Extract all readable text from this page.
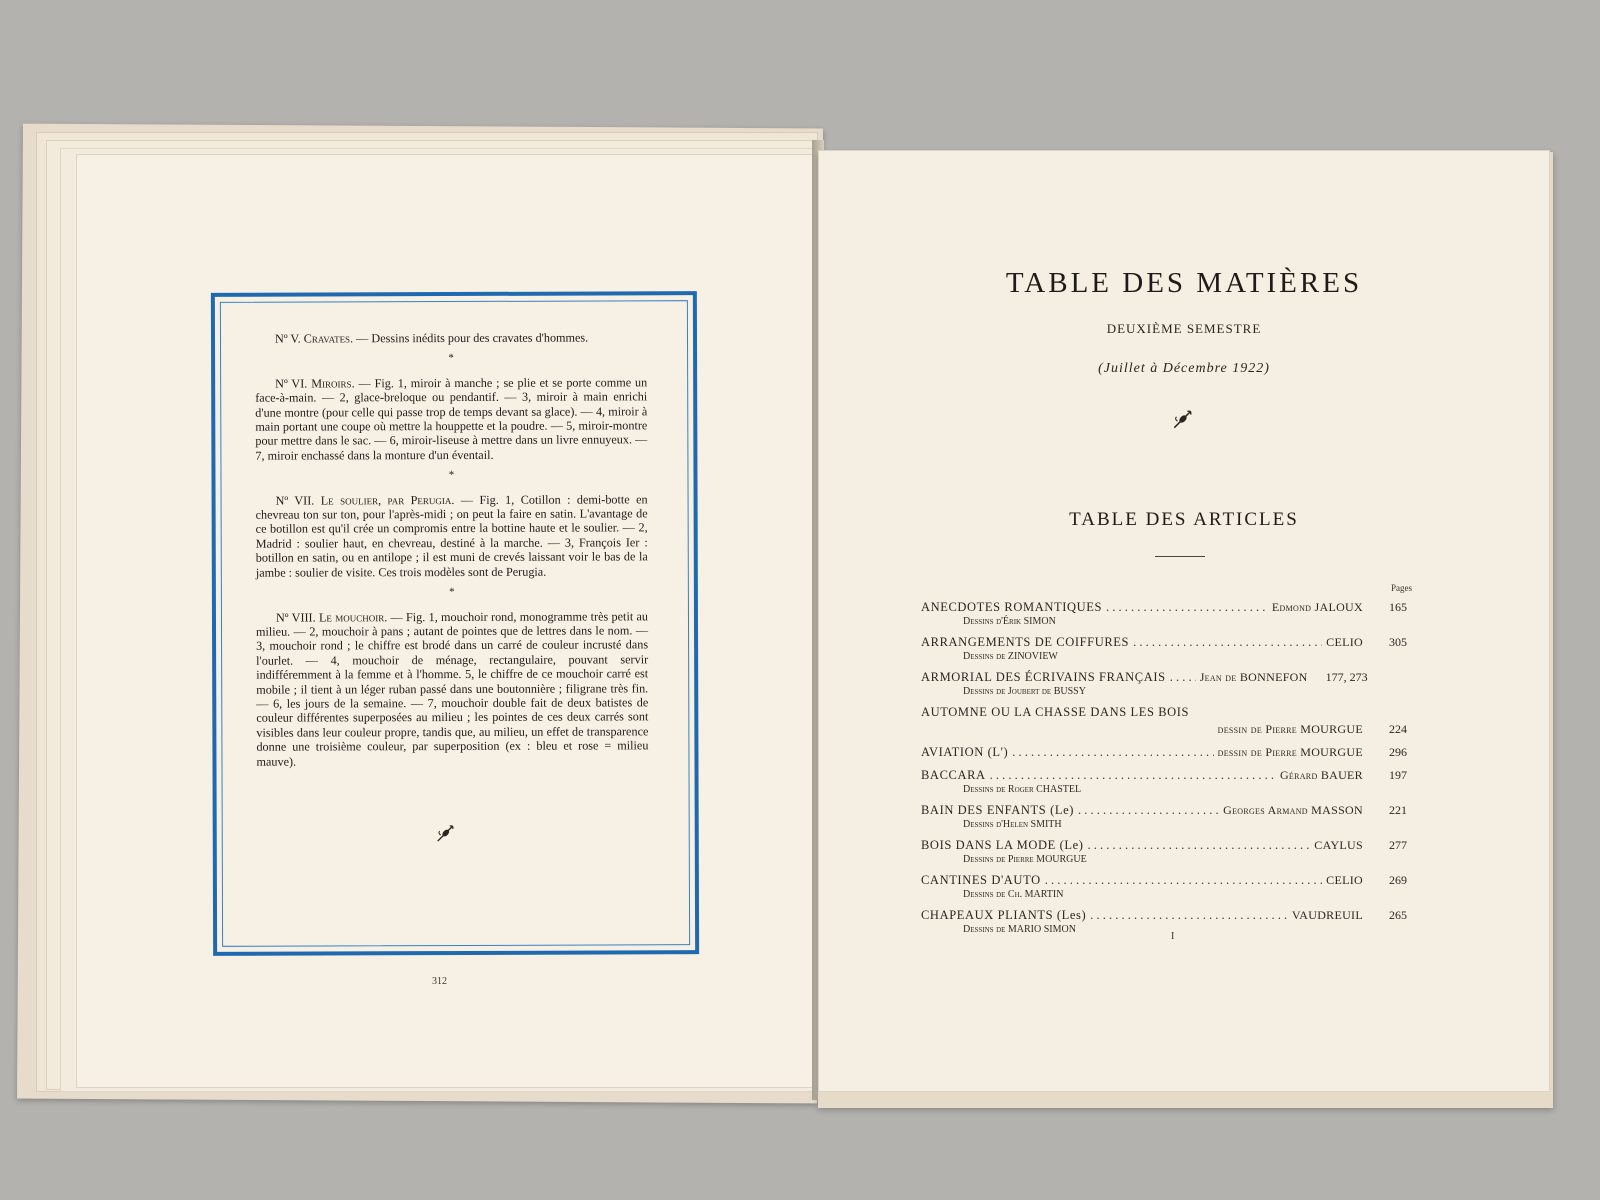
Nº V. Cravates. — Dessins inédits pour des cravates d'hommes.

*

Nº VI. Miroirs. — Fig. 1, miroir à manche ; se plie et se porte comme un face-à-main. — 2, glace-breloque ou pendantif. — 3, miroir à main enrichi d'une montre (pour celle qui passe trop de temps devant sa glace). — 4, miroir à main portant une coupe où mettre la houppette et la poudre. — 5, miroir-montre pour mettre dans le sac. — 6, miroir-liseuse à mettre dans un livre ennuyeux. — 7, miroir enchassé dans la monture d'un éventail.

*

Nº VII. Le soulier, par Perugia. — Fig. 1, Cotillon : demi-botte en chevreau ton sur ton, pour l'après-midi ; on peut la faire en satin. L'avantage de ce botillon est qu'il crée un compromis entre la bottine haute et le soulier. — 2, Madrid : soulier haut, en chevreau, destiné à la marche. — 3, François Ier : botillon en satin, ou en antilope ; il est muni de crevés laissant voir le bas de la jambe : soulier de visite. Ces trois modèles sont de Perugia.

*

Nº VIII. Le mouchoir. — Fig. 1, mouchoir rond, monogramme très petit au milieu. — 2, mouchoir à pans ; autant de pointes que de lettres dans le nom. — 3, mouchoir rond ; le chiffre est brodé dans un carré de couleur incrusté dans l'ourlet. — 4, mouchoir de ménage, rectangulaire, pouvant servir indifféremment à la femme et à l'homme. 5, le chiffre de ce mouchoir carré est mobile ; il tient à un léger ruban passé dans une boutonnière ; filigrane très fin. — 6, les jours de la semaine. — 7, mouchoir double fait de deux batistes de couleur différentes superposées au milieu ; les pointes de ces deux carrés sont visibles dans leur couleur propre, tandis que, au milieu, un effet de transparence donne une troisième couleur, par superposition (ex : bleu et rose = milieu mauve).

312
TABLE DES MATIÈRES
DEUXIÈME SEMESTRE
(Juillet à Décembre 1922)
TABLE DES ARTICLES
Pages
ANECDOTES ROMANTIQUES . . .	Edmond JALOUX	165
Dessins d'Érik SIMON
ARRANGEMENTS DE COIFFURES . . .	CELIO	305
Dessins de ZINOVIEW
ARMORIAL DES ÉCRIVAINS FRANÇAIS . . .	Jean de BONNEFON	177, 273
Dessins de Joubert de BUSSY
AUTOMNE OU LA CHASSE DANS LES BOIS
dessin de Pierre MOURGUE	224
AVIATION (L') . . .	dessin de Pierre MOURGUE	296
BACCARA . . .	Gérard BAUER	197
Dessins de Roger CHASTEL
BAIN DES ENFANTS (Le) . . .	Georges Armand MASSON	221
Dessins d'Helen SMITH
BOIS DANS LA MODE (Le) . . .	CAYLUS	277
Dessins de Pierre MOURGUE
CANTINES D'AUTO . . .	CELIO	269
Dessins de Ch. MARTIN
CHAPEAUX PLIANTS (Les) . . .	VAUDREUIL	265
Dessins de MARIO SIMON
I
